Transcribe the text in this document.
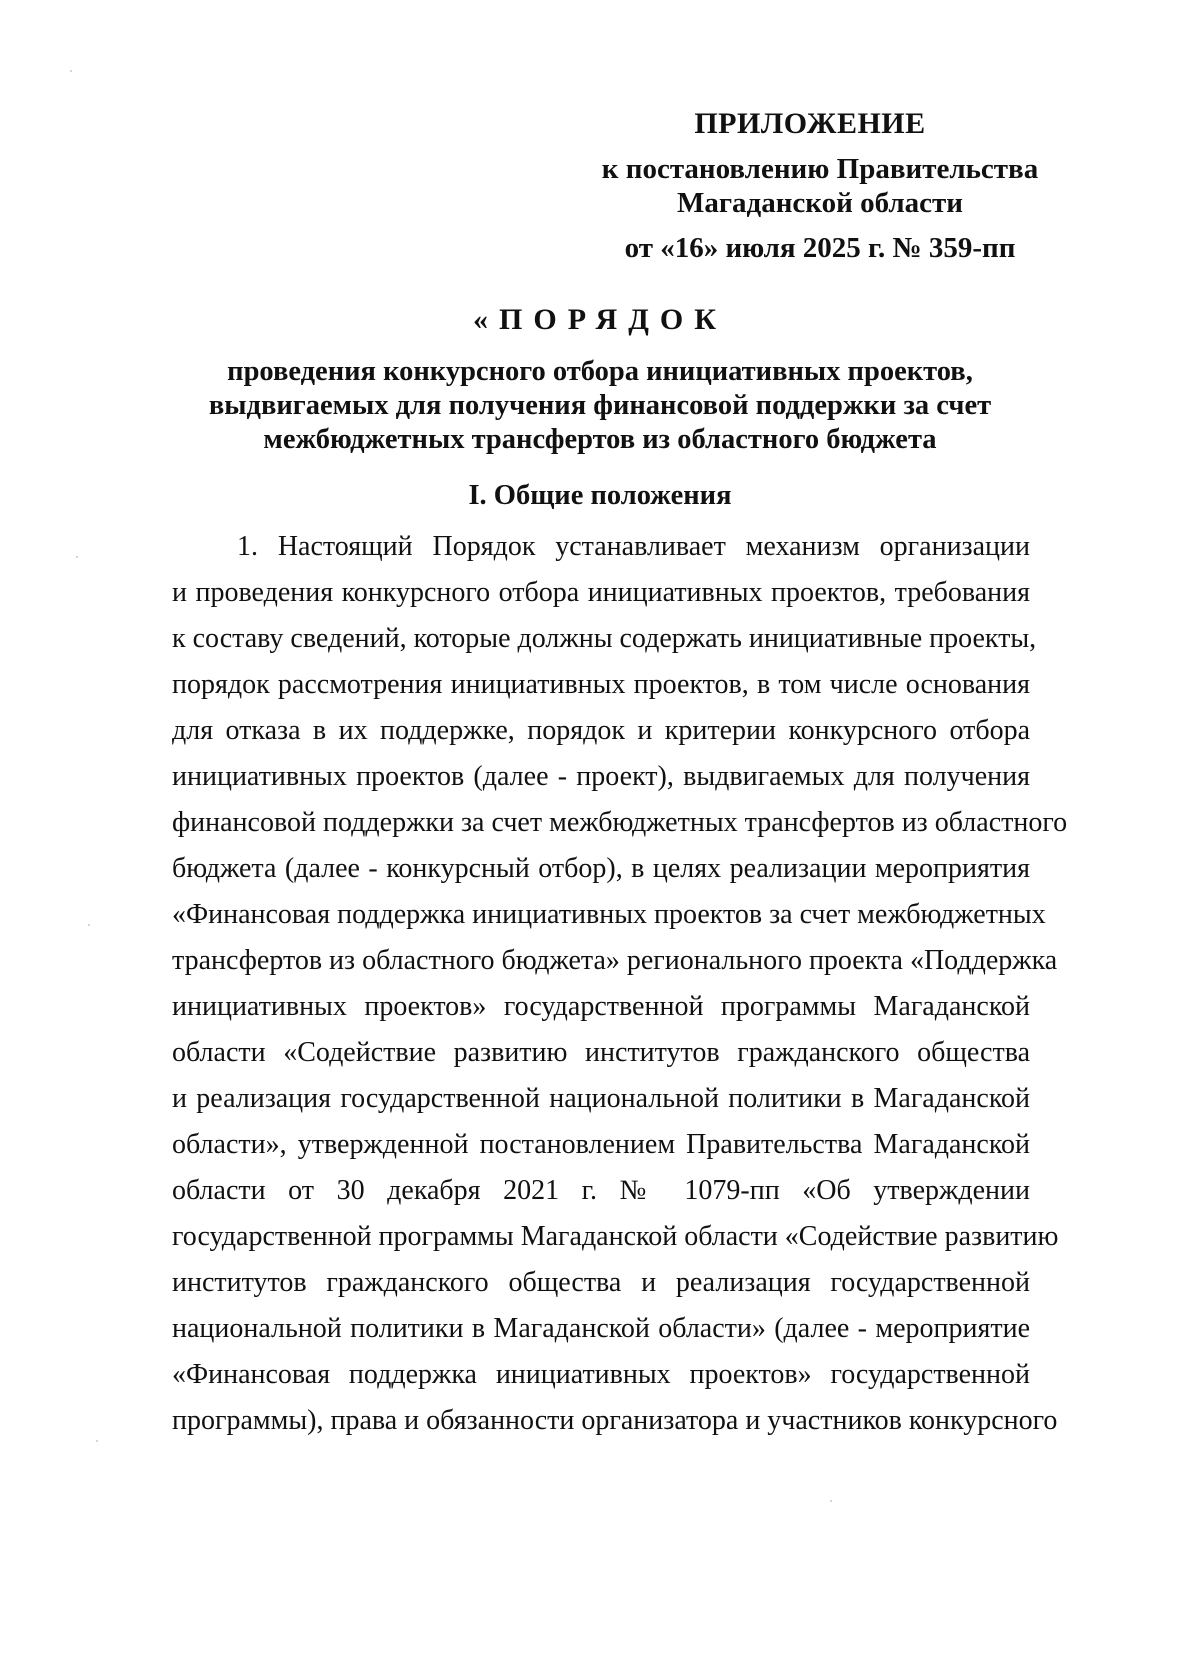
ПРИЛОЖЕНИЕ
к постановлению Правительства
Магаданской области
от «16» июля 2025 г. № 359-пп
«ПОРЯДОК
проведения конкурсного отбора инициативных проектов,
выдвигаемых для получения финансовой поддержки за счет
межбюджетных трансфертов из областного бюджета
I. Общие положения
1. Настоящий Порядок устанавливает механизм организации
и проведения конкурсного отбора инициативных проектов, требования
к составу сведений, которые должны содержать инициативные проекты,
порядок рассмотрения инициативных проектов, в том числе основания
для отказа в их поддержке, порядок и критерии конкурсного отбора
инициативных проектов (далее - проект), выдвигаемых для получения
финансовой поддержки за счет межбюджетных трансфертов из областного
бюджета (далее - конкурсный отбор), в целях реализации мероприятия
«Финансовая поддержка инициативных проектов за счет межбюджетных
трансфертов из областного бюджета» регионального проекта «Поддержка
инициативных проектов» государственной программы Магаданской
области «Содействие развитию институтов гражданского общества
и реализация государственной национальной политики в Магаданской
области», утвержденной постановлением Правительства Магаданской
области от 30 декабря 2021 г. № 1079-пп «Об утверждении
государственной программы Магаданской области «Содействие развитию
институтов гражданского общества и реализация государственной
национальной политики в Магаданской области» (далее - мероприятие
«Финансовая поддержка инициативных проектов» государственной
программы), права и обязанности организатора и участников конкурсного
